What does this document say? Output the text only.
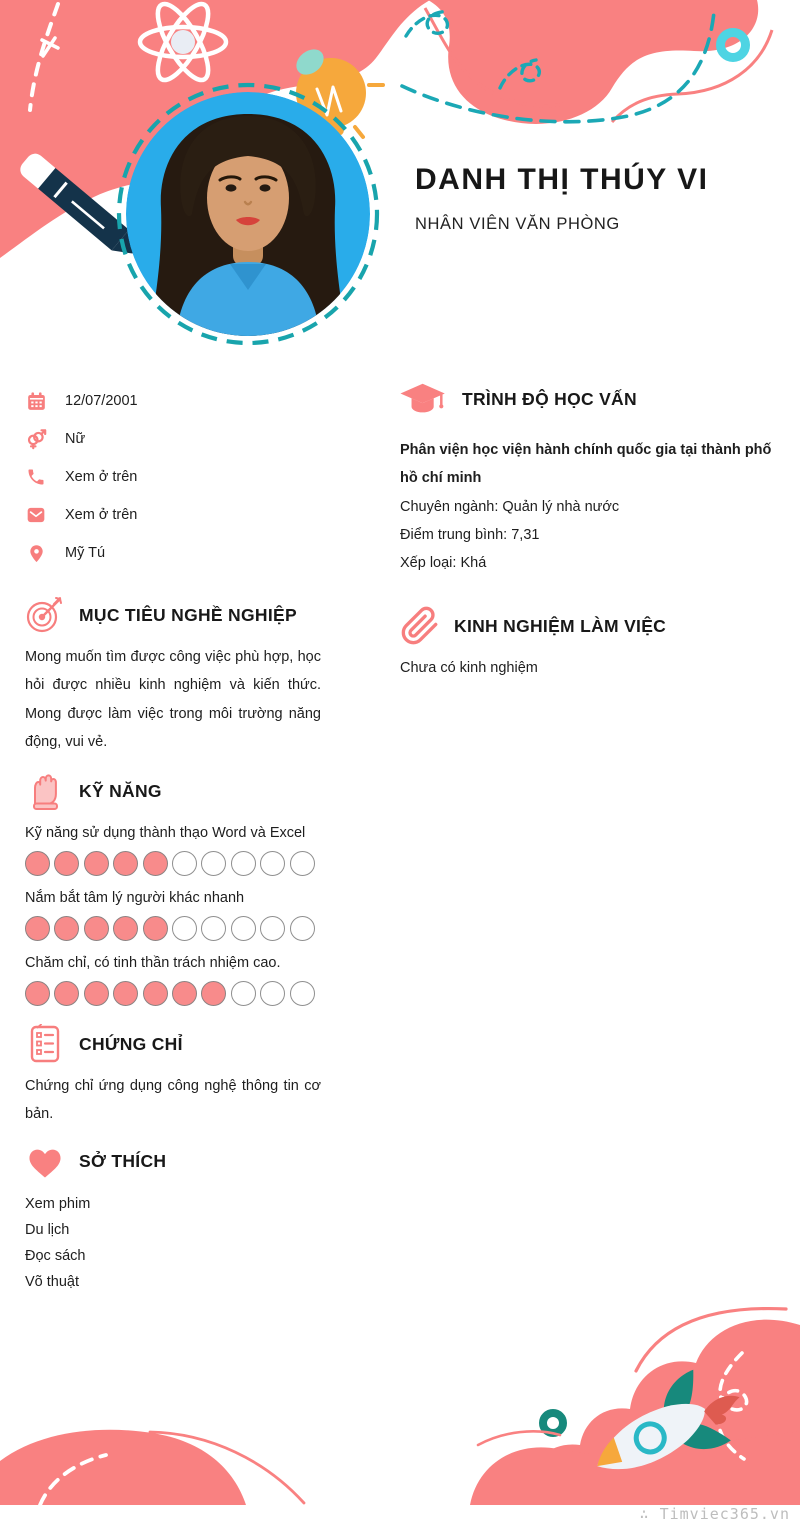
DANH THỊ THÚY VI
NHÂN VIÊN VĂN PHÒNG
12/07/2001
Nữ
Xem ở trên
Xem ở trên
Mỹ Tú
MỤC TIÊU NGHỀ NGHIỆP
Mong muốn tìm được công việc phù hợp, học hỏi được nhiều kinh nghiệm và kiến thức. Mong được làm việc trong môi trường năng động, vui vẻ.
KỸ NĂNG
Kỹ năng sử dụng thành thạo Word và Excel
Nắm bắt tâm lý người khác nhanh
Chăm chỉ, có tinh thần trách nhiệm cao.
CHỨNG CHỈ
Chứng chỉ ứng dụng công nghệ thông tin cơ bản.
SỞ THÍCH
Xem phim
Du lịch
Đọc sách
Võ thuật
TRÌNH ĐỘ HỌC VẤN
Phân viện học viện hành chính quốc gia tại thành phố hồ chí minh
Chuyên ngành: Quản lý nhà nước
Điểm trung bình: 7,31
Xếp loại: Khá
KINH NGHIỆM LÀM VIỆC
Chưa có kinh nghiệm
∴ Timviec365.vn
